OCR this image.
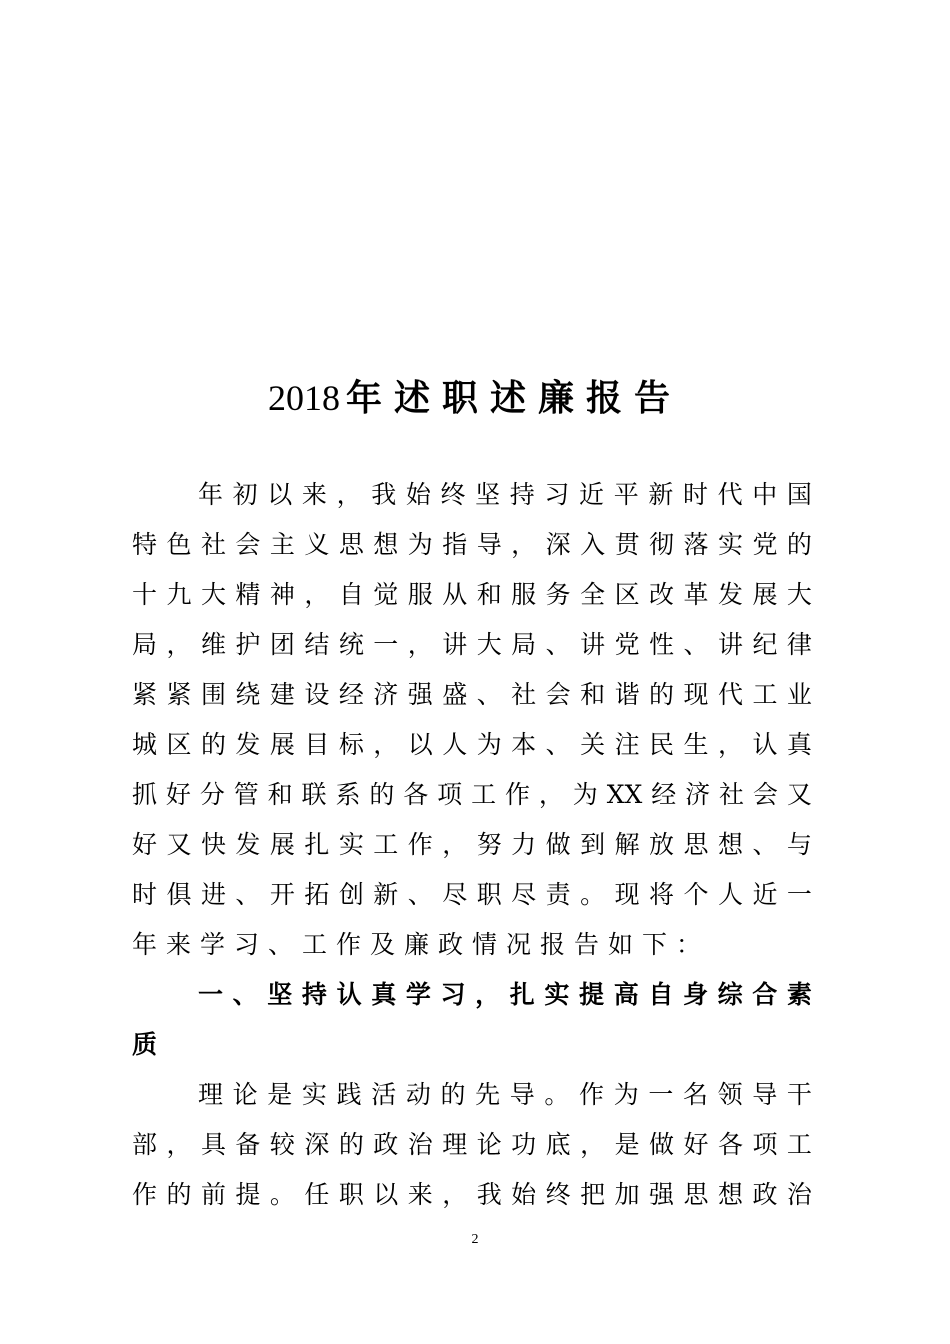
2018 年述职述廉报告
年 初 以 来 ， 我 始 终 坚 持 习 近 平 新 时 代 中 国
特 色 社 会 主 义 思 想 为 指 导 ， 深 入 贯 彻 落 实 党 的
十 九 大 精 神 ， 自 觉 服 从 和 服 务 全 区 改 革 发 展 大
局 ， 维 护 团 结 统 一 ， 讲 大 局 、 讲 党 性 、 讲 纪 律
紧 紧 围 绕 建 设 经 济 强 盛 、 社 会 和 谐 的 现 代 工 业
城 区 的 发 展 目 标 ， 以 人 为 本 、 关 注 民 生 ， 认 真
抓 好 分 管 和 联 系 的 各 项 工 作 ， 为 XX 经 济 社 会 又
好 又 快 发 展 扎 实 工 作 ， 努 力 做 到 解 放 思 想 、 与
时 俱 进 、 开 拓 创 新 、 尽 职 尽 责 。 现 将 个 人 近 一
年来学习、工作及廉政情况报告如下：
一 、 坚 持 认 真 学 习 ， 扎 实 提 高 自 身 综 合 素
质
理 论 是 实 践 活 动 的 先 导 。 作 为 一 名 领 导 干
部 ， 具 备 较 深 的 政 治 理 论 功 底 ， 是 做 好 各 项 工
作 的 前 提 。 任 职 以 来 ， 我 始 终 把 加 强 思 想 政 治
2
